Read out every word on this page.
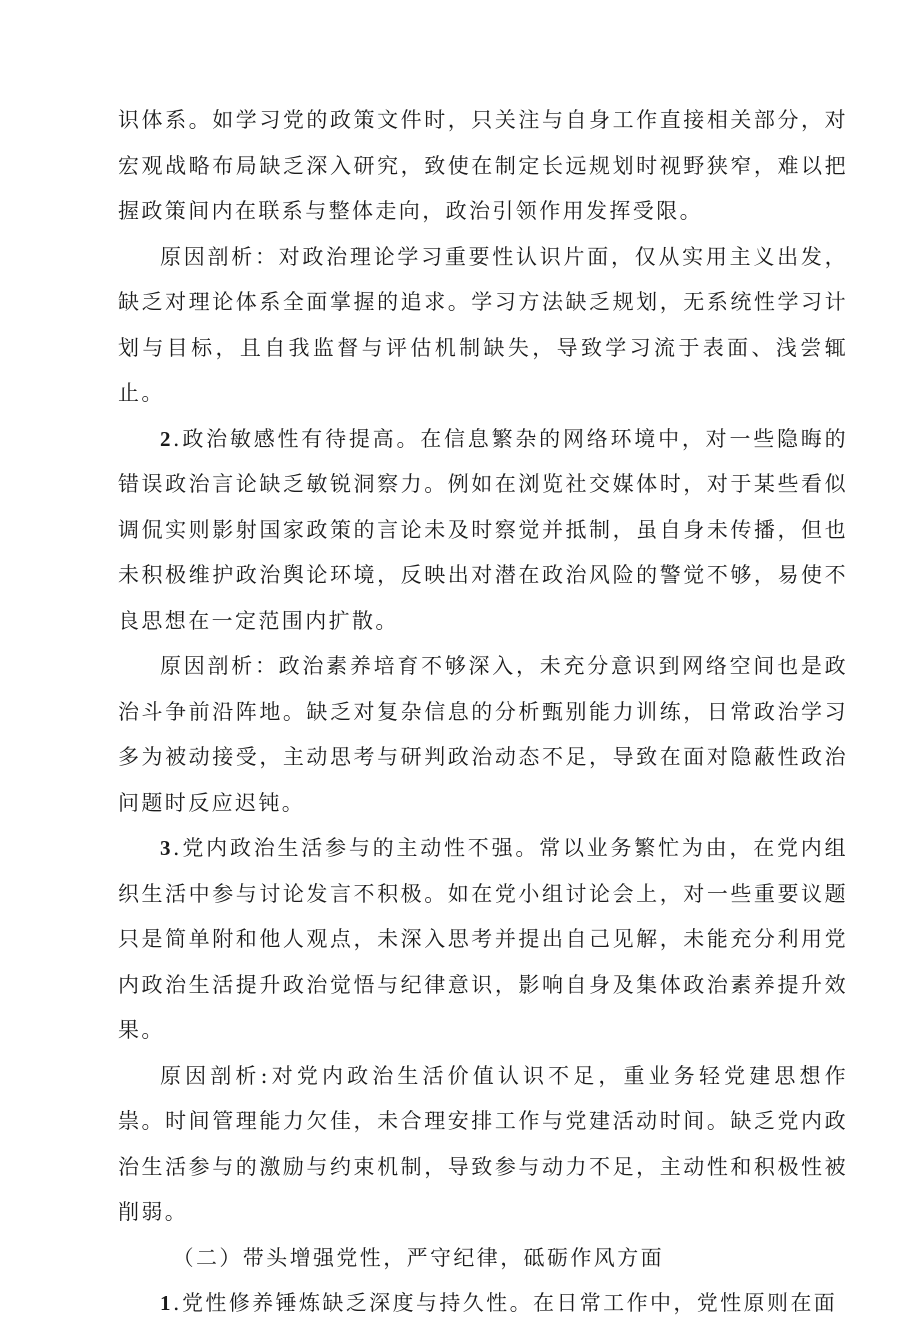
识体系。如学习党的政策文件时，只关注与自身工作直接相关部分，对宏观战略布局缺乏深入研究，致使在制定长远规划时视野狭窄，难以把握政策间内在联系与整体走向，政治引领作用发挥受限。

原因剖析：对政治理论学习重要性认识片面，仅从实用主义出发，缺乏对理论体系全面掌握的追求。学习方法缺乏规划，无系统性学习计划与目标，且自我监督与评估机制缺失，导致学习流于表面、浅尝辄止。

2.政治敏感性有待提高。在信息繁杂的网络环境中，对一些隐晦的错误政治言论缺乏敏锐洞察力。例如在浏览社交媒体时，对于某些看似调侃实则影射国家政策的言论未及时察觉并抵制，虽自身未传播，但也未积极维护政治舆论环境，反映出对潜在政治风险的警觉不够，易使不良思想在一定范围内扩散。

原因剖析：政治素养培育不够深入，未充分意识到网络空间也是政治斗争前沿阵地。缺乏对复杂信息的分析甄别能力训练，日常政治学习多为被动接受，主动思考与研判政治动态不足，导致在面对隐蔽性政治问题时反应迟钝。

3.党内政治生活参与的主动性不强。常以业务繁忙为由，在党内组织生活中参与讨论发言不积极。如在党小组讨论会上，对一些重要议题只是简单附和他人观点，未深入思考并提出自己见解，未能充分利用党内政治生活提升政治觉悟与纪律意识，影响自身及集体政治素养提升效果。

原因剖析:对党内政治生活价值认识不足，重业务轻党建思想作祟。时间管理能力欠佳，未合理安排工作与党建活动时间。缺乏党内政治生活参与的激励与约束机制，导致参与动力不足，主动性和积极性被削弱。

（二）带头增强党性，严守纪律，砥砺作风方面

1.党性修养锤炼缺乏深度与持久性。在日常工作中，党性原则在面
